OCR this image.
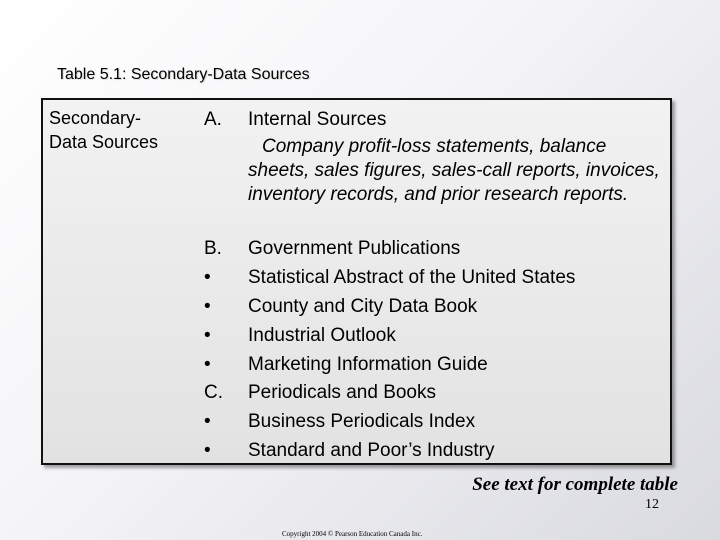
Table 5.1: Secondary-Data Sources
Secondary-
Data Sources
A.	Internal Sources
Company profit-loss statements, balance sheets, sales figures, sales-call reports, invoices, inventory records, and prior research reports.
B.	Government Publications
•	Statistical Abstract of the United States
•	County and City Data Book
•	Industrial Outlook
•	Marketing Information Guide
C.	Periodicals and Books
•	Business Periodicals Index
•	Standard and Poor’s Industry
See text for complete table
12
Copyright 2004 © Pearson Education Canada Inc.
